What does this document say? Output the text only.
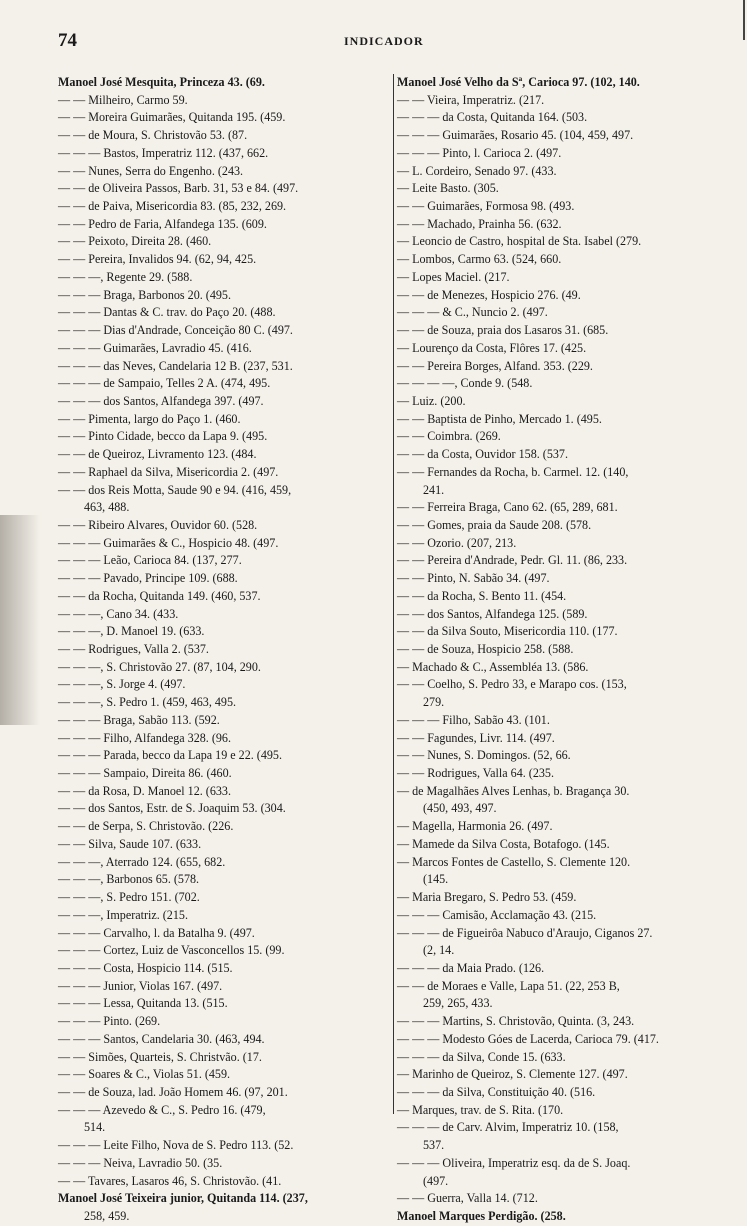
74	INDICADOR
Manoel José Mesquita, Princeza 43. (69.
— — Milheiro, Carmo 59.
— — Moreira Guimarães, Quitanda 195. (459.
— — de Moura, S. Christovão 53. (87.
— — — Bastos, Imperatriz 112. (437, 662.
— — Nunes, Serra do Engenho. (243.
— — de Oliveira Passos, Barb. 31, 53 e 84. (497.
— — de Paiva, Misericordia 83. (85, 232, 269.
— — Pedro de Faria, Alfandega 135. (609.
— — Peixoto, Direita 28. (460.
— — Pereira, Invalidos 94. (62, 94, 425.
— — —, Regente 29. (588.
— — — Braga, Barbonos 20. (495.
— — — Dantas & C. trav. do Paço 20. (488.
— — — Dias d'Andrade, Conceição 80 C. (497.
— — — Guimarães, Lavradio 45. (416.
— — — das Neves, Candelaria 12 B. (237, 531.
— — — de Sampaio, Telles 2 A. (474, 495.
— — — dos Santos, Alfandega 397. (497.
— — Pimenta, largo do Paço 1. (460.
— — Pinto Cidade, becco da Lapa 9. (495.
— — de Queiroz, Livramento 123. (484.
— — Raphael da Silva, Misericordia 2. (497.
— — dos Reis Motta, Saude 90 e 94. (416, 459,
463, 488.
— — Ribeiro Alvares, Ouvidor 60. (528.
— — — Guimarães & C., Hospicio 48. (497.
— — — Leão, Carioca 84. (137, 277.
— — — Pavado, Principe 109. (688.
— — da Rocha, Quitanda 149. (460, 537.
— — —, Cano 34. (433.
— — —, D. Manoel 19. (633.
— — Rodrigues, Valla 2. (537.
— — —, S. Christovão 27. (87, 104, 290.
— — —, S. Jorge 4. (497.
— — —, S. Pedro 1. (459, 463, 495.
— — — Braga, Sabão 113. (592.
— — — Filho, Alfandega 328. (96.
— — — Parada, becco da Lapa 19 e 22. (495.
— — — Sampaio, Direita 86. (460.
— — da Rosa, D. Manoel 12. (633.
— — dos Santos, Estr. de S. Joaquim 53. (304.
— — de Serpa, S. Christovão. (226.
— — Silva, Saude 107. (633.
— — —, Aterrado 124. (655, 682.
— — —, Barbonos 65. (578.
— — —, S. Pedro 151. (702.
— — —, Imperatriz. (215.
— — — Carvalho, l. da Batalha 9. (497.
— — — Cortez, Luiz de Vasconcellos 15. (99.
— — — Costa, Hospicio 114. (515.
— — — Junior, Violas 167. (497.
— — — Lessa, Quitanda 13. (515.
— — — Pinto. (269.
— — — Santos, Candelaria 30. (463, 494.
— — Simões, Quarteis, S. Christvão. (17.
— — Soares & C., Violas 51. (459.
— — de Souza, lad. João Homem 46. (97, 201.
— — — Azevedo & C., S. Pedro 16. (479,
514.
— — — Leite Filho, Nova de S. Pedro 113. (52.
— — — Neiva, Lavradio 50. (35.
— — Tavares, Lasaros 46, S. Christovão. (41.
Manoel José Teixeira junior, Quitanda 114. (237,
258, 459.
Manoel José Velho da Sª, Carioca 97. (102, 140.
— — Vieira, Imperatriz. (217.
— — — da Costa, Quitanda 164. (503.
— — — Guimarães, Rosario 45. (104, 459, 497.
— — — Pinto, l. Carioca 2. (497.
— L. Cordeiro, Senado 97. (433.
— Leite Basto. (305.
— — Guimarães, Formosa 98. (493.
— — Machado, Prainha 56. (632.
— Leoncio de Castro, hospital de Sta. Isabel (279.
— Lombos, Carmo 63. (524, 660.
— Lopes Maciel. (217.
— — de Menezes, Hospicio 276. (49.
— — — & C., Nuncio 2. (497.
— — de Souza, praia dos Lasaros 31. (685.
— Lourenço da Costa, Flôres 17. (425.
— — Pereira Borges, Alfand. 353. (229.
— — — —, Conde 9. (548.
— Luiz. (200.
— — Baptista de Pinho, Mercado 1. (495.
— — Coimbra. (269.
— — da Costa, Ouvidor 158. (537.
— — Fernandes da Rocha, b. Carmel. 12. (140,
241.
— — Ferreira Braga, Cano 62. (65, 289, 681.
— — Gomes, praia da Saude 208. (578.
— — Ozorio. (207, 213.
— — Pereira d'Andrade, Pedr. Gl. 11. (86, 233.
— — Pinto, N. Sabão 34. (497.
— — da Rocha, S. Bento 11. (454.
— — dos Santos, Alfandega 125. (589.
— — da Silva Souto, Misericordia 110. (177.
— — de Souza, Hospicio 258. (588.
— Machado & C., Assembléa 13. (586.
— — Coelho, S. Pedro 33, e Marapo cos. (153,
279.
— — — Filho, Sabão 43. (101.
— — Fagundes, Livr. 114. (497.
— — Nunes, S. Domingos. (52, 66.
— — Rodrigues, Valla 64. (235.
— de Magalhães Alves Lenhas, b. Bragança 30.
(450, 493, 497.
— Magella, Harmonia 26. (497.
— Mamede da Silva Costa, Botafogo. (145.
— Marcos Fontes de Castello, S. Clemente 120.
(145.
— Maria Bregaro, S. Pedro 53. (459.
— — — Camisão, Acclamação 43. (215.
— — — de Figueirôa Nabuco d'Araujo, Ciganos 27.
(2, 14.
— — — da Maia Prado. (126.
— — de Moraes e Valle, Lapa 51. (22, 253 B,
259, 265, 433.
— — — Martins, S. Christovão, Quinta. (3, 243.
— — — Modesto Góes de Lacerda, Carioca 79. (417.
— — — da Silva, Conde 15. (633.
— Marinho de Queiroz, S. Clemente 127. (497.
— — — da Silva, Constituição 40. (516.
— Marques, trav. de S. Rita. (170.
— — — de Carv. Alvim, Imperatriz 10. (158,
537.
— — — Oliveira, Imperatriz esq. da de S. Joaq.
(497.
— — Guerra, Valla 14. (712.
Manoel Marques Perdigão. (258.
